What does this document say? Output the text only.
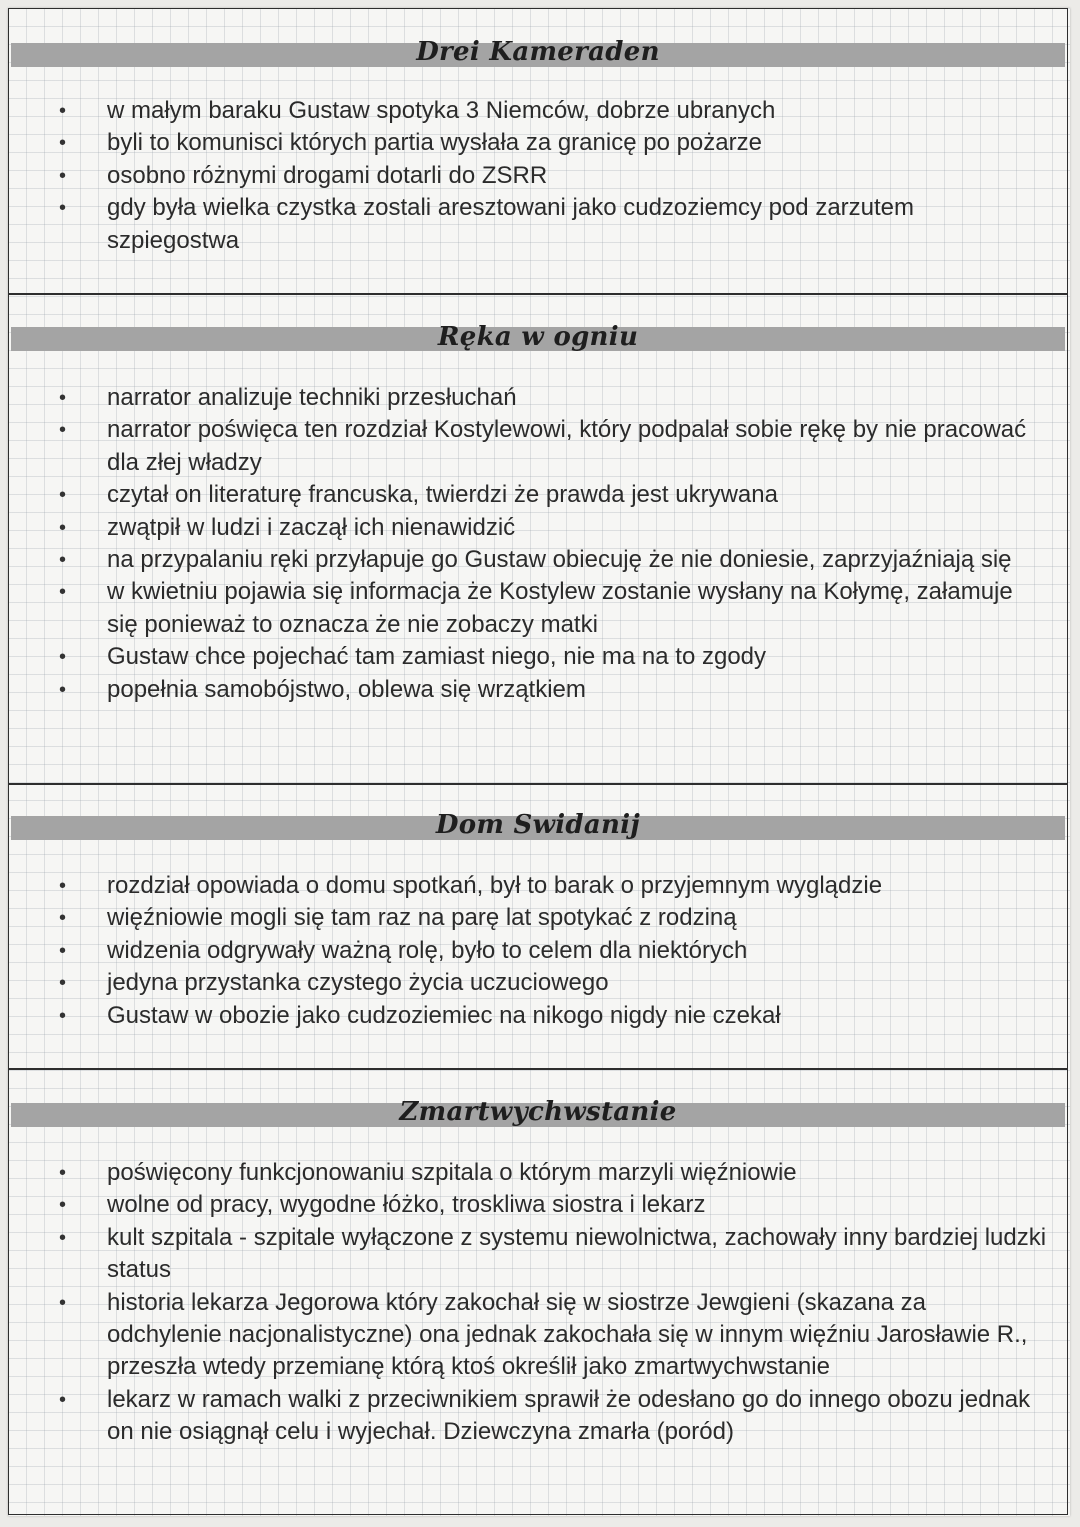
Drei Kameraden
• w małym baraku Gustaw spotyka 3 Niemców, dobrze ubranych
• byli to komunisci których partia wysłała za granicę po pożarze
• osobno różnymi drogami dotarli do ZSRR
• gdy była wielka czystka zostali aresztowani jako cudzoziemcy pod zarzutem szpiegostwa
Ręka w ogniu
• narrator analizuje techniki przesłuchań
• narrator poświęca ten rozdział Kostylewowi, który podpalał sobie rękę by nie pracować dla złej władzy
• czytał on literaturę francuska, twierdzi że prawda jest ukrywana
• zwątpił w ludzi i zaczął ich nienawidzić
• na przypalaniu ręki przyłapuje go Gustaw obiecuję że nie doniesie, zaprzyjaźniają się
• w kwietniu pojawia się informacja że Kostylew zostanie wysłany na Kołymę, załamuje się ponieważ to oznacza że nie zobaczy matki
• Gustaw chce pojechać tam zamiast niego, nie ma na to zgody
• popełnia samobójstwo, oblewa się wrzątkiem
Dom Swidanij
• rozdział opowiada o domu spotkań, był to barak o przyjemnym wyglądzie
• więźniowie mogli się tam raz na parę lat spotykać z rodziną
• widzenia odgrywały ważną rolę, było to celem dla niektórych
• jedyna przystanka czystego życia uczuciowego
• Gustaw w obozie jako cudzoziemiec na nikogo nigdy nie czekał
Zmartwychwstanie
• poświęcony funkcjonowaniu szpitala o którym marzyli więźniowie
• wolne od pracy, wygodne łóżko, troskliwa siostra i lekarz
• kult szpitala - szpitale wyłączone z systemu niewolnictwa, zachowały inny bardziej ludzki status
• historia lekarza Jegorowa który zakochał się w siostrze Jewgieni (skazana za odchylenie nacjonalistyczne) ona jednak zakochała się w innym więźniu Jarosławie R., przeszła wtedy przemianę którą ktoś określił jako zmartwychwstanie
• lekarz w ramach walki z przeciwnikiem sprawił że odesłano go do innego obozu jednak on nie osiągnął celu i wyjechał. Dziewczyna zmarła (poród)
